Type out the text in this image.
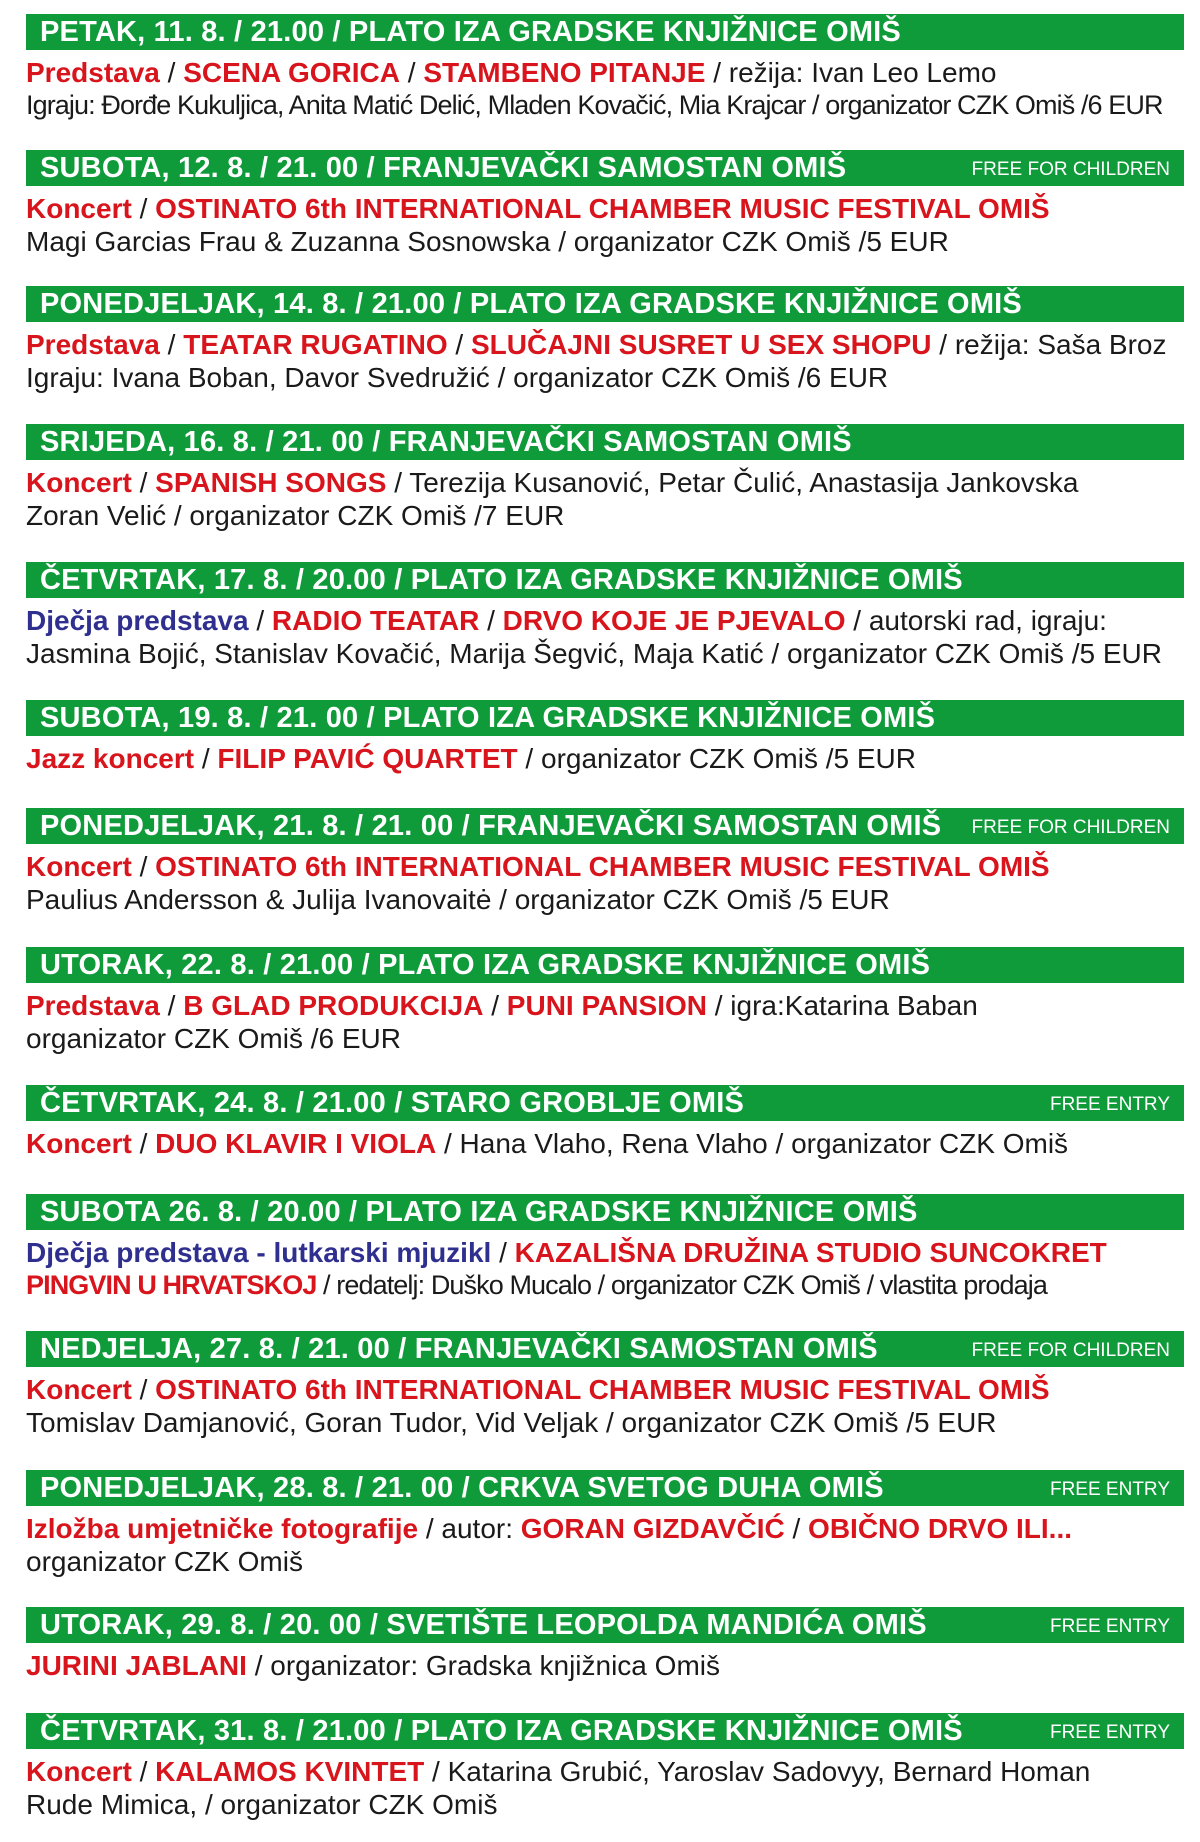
PETAK, 11. 8. / 21.00 / PLATO IZA GRADSKE KNJIŽNICE OMIŠ
Predstava / SCENA GORICA / STAMBENO PITANJE / režija: Ivan Leo Lemo
Igraju: Đorđe Kukuljica, Anita Matić Delić, Mladen Kovačić, Mia Krajcar / organizator CZK Omiš /6 EUR
SUBOTA, 12. 8. / 21. 00 / FRANJEVAČKI SAMOSTAN OMIŠ	FREE FOR CHILDREN
Koncert / OSTINATO 6th INTERNATIONAL CHAMBER MUSIC FESTIVAL OMIŠ
Magi Garcias Frau & Zuzanna Sosnowska / organizator CZK Omiš /5 EUR
PONEDJELJAK, 14. 8. / 21.00 / PLATO IZA GRADSKE KNJIŽNICE OMIŠ
Predstava / TEATAR RUGATINO / SLUČAJNI SUSRET U SEX SHOPU / režija: Saša Broz
Igraju: Ivana Boban, Davor Svedružić / organizator CZK Omiš /6 EUR
SRIJEDA, 16. 8. / 21. 00 / FRANJEVAČKI SAMOSTAN OMIŠ
Koncert / SPANISH SONGS / Terezija Kusanović, Petar Čulić, Anastasija Jankovska
Zoran Velić / organizator CZK Omiš /7 EUR
ČETVRTAK, 17. 8. / 20.00 / PLATO IZA GRADSKE KNJIŽNICE OMIŠ
Dječja predstava / RADIO TEATAR / DRVO KOJE JE PJEVALO / autorski rad, igraju:
Jasmina Bojić, Stanislav Kovačić, Marija Šegvić, Maja Katić / organizator CZK Omiš /5 EUR
SUBOTA, 19. 8. / 21. 00 / PLATO IZA GRADSKE KNJIŽNICE OMIŠ
Jazz koncert / FILIP PAVIĆ QUARTET / organizator CZK Omiš /5 EUR
PONEDJELJAK, 21. 8. / 21. 00 / FRANJEVAČKI SAMOSTAN OMIŠ FREE FOR CHILDREN
Koncert / OSTINATO 6th INTERNATIONAL CHAMBER MUSIC FESTIVAL OMIŠ
Paulius Andersson & Julija Ivanovaitė / organizator CZK Omiš /5 EUR
UTORAK, 22. 8. / 21.00 / PLATO IZA GRADSKE KNJIŽNICE OMIŠ
Predstava / B GLAD PRODUKCIJA / PUNI PANSION / igra:Katarina Baban
organizator CZK Omiš /6 EUR
ČETVRTAK, 24. 8. / 21.00 / STARO GROBLJE OMIŠ	FREE ENTRY
Koncert / DUO KLAVIR I VIOLA / Hana Vlaho, Rena Vlaho / organizator CZK Omiš
SUBOTA 26. 8. / 20.00 / PLATO IZA GRADSKE KNJIŽNICE OMIŠ
Dječja predstava - lutkarski mjuzikl / KAZALIŠNA DRUŽINA STUDIO SUNCOKRET
PINGVIN U HRVATSKOJ / redatelj: Duško Mucalo / organizator CZK Omiš / vlastita prodaja
NEDJELJA, 27. 8. / 21. 00 / FRANJEVAČKI SAMOSTAN OMIŠ	FREE FOR CHILDREN
Koncert / OSTINATO 6th INTERNATIONAL CHAMBER MUSIC FESTIVAL OMIŠ
Tomislav Damjanović, Goran Tudor, Vid Veljak / organizator CZK Omiš /5 EUR
PONEDJELJAK, 28. 8. / 21. 00 / CRKVA SVETOG DUHA OMIŠ	FREE ENTRY
Izložba umjetničke fotografije / autor: GORAN GIZDAVČIĆ / OBIČNO DRVO ILI...
organizator CZK Omiš
UTORAK, 29. 8. / 20. 00 / SVETIŠTE LEOPOLDA MANDIĆA OMIŠ	FREE ENTRY
JURINI JABLANI / organizator: Gradska knjižnica Omiš
ČETVRTAK, 31. 8. / 21.00 / PLATO IZA GRADSKE KNJIŽNICE OMIŠ	FREE ENTRY
Koncert / KALAMOS KVINTET / Katarina Grubić, Yaroslav Sadovyy, Bernard Homan
Rude Mimica, / organizator CZK Omiš
